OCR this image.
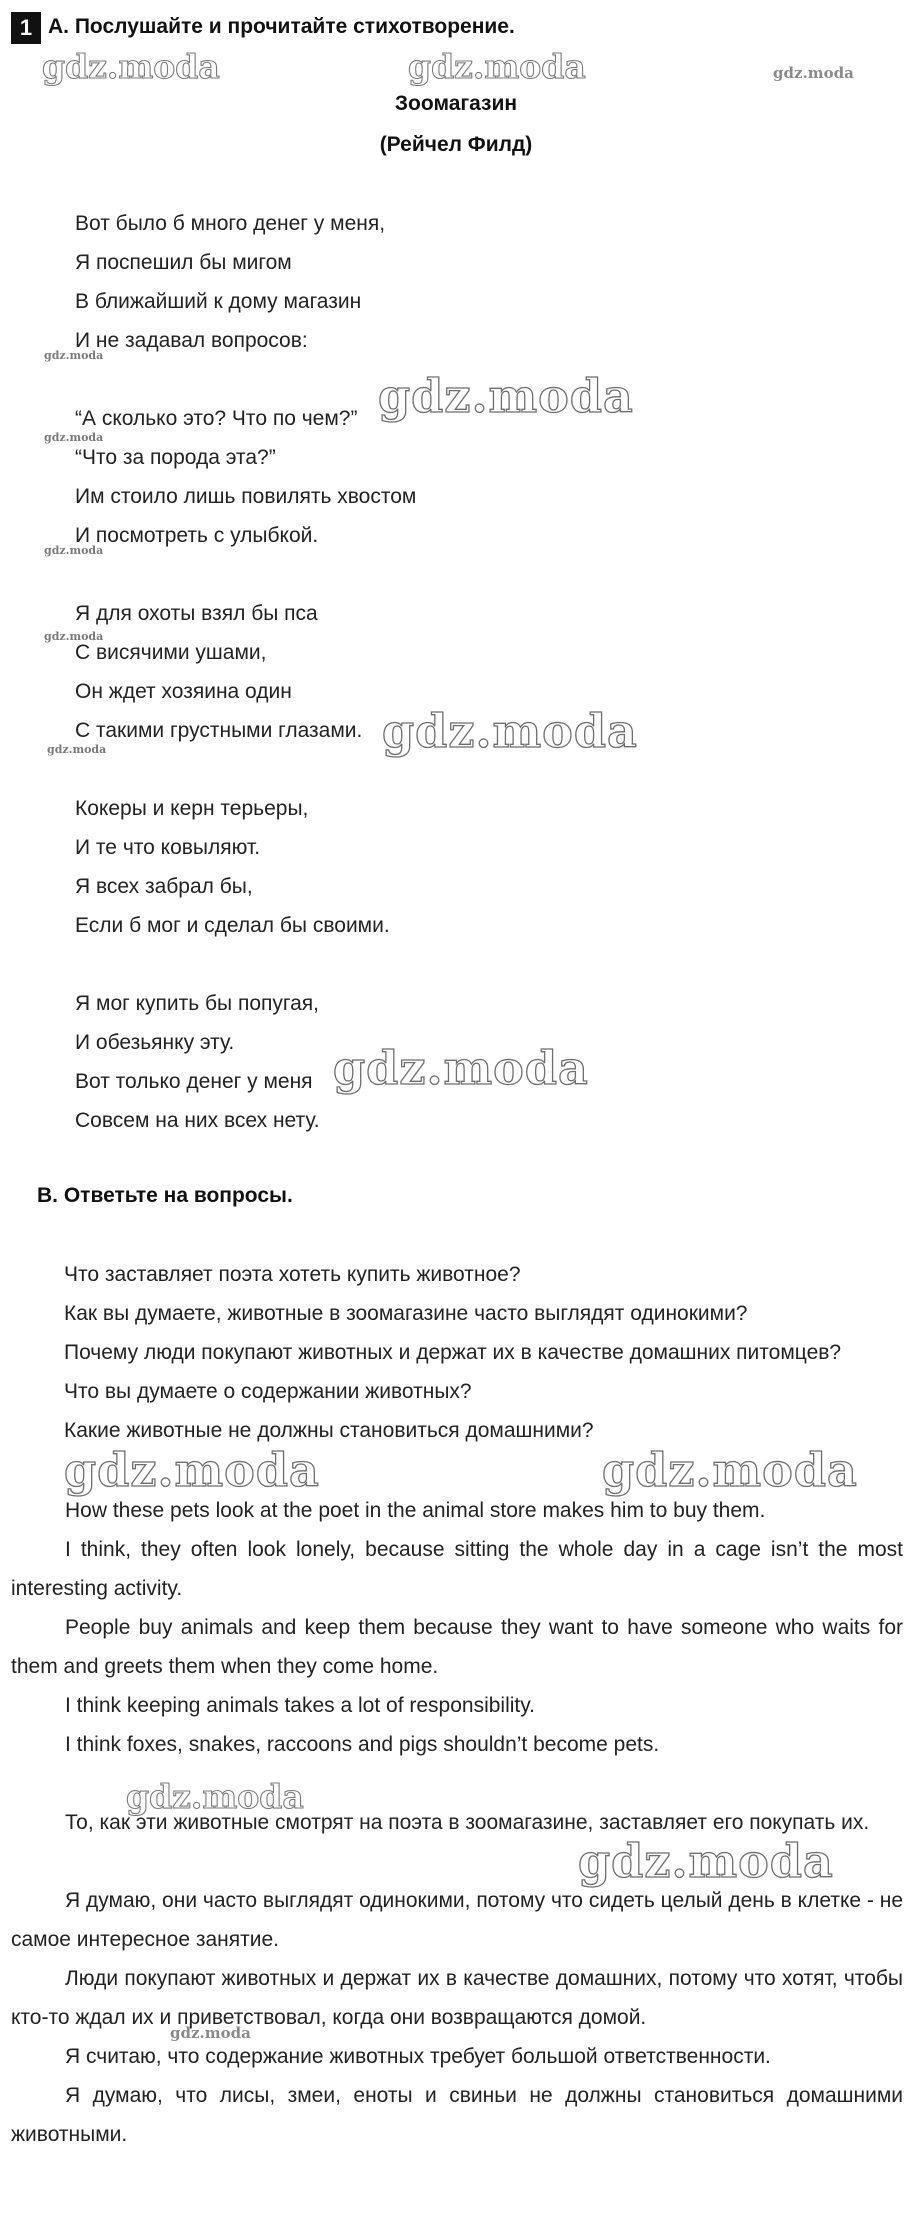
1 A. Послушайте и прочитайте стихотворение.
Зоомагазин
(Рейчел Филд)
Вот было б много денег у меня,
Я поспешил бы мигом
В ближайший к дому магазин
И не задавал вопросов:
“А сколько это? Что по чем?”
“Что за порода эта?”
Им стоило лишь повилять хвостом
И посмотреть с улыбкой.
Я для охоты взял бы пса
С висячими ушами,
Он ждет хозяина один
С такими грустными глазами.
Кокеры и керн терьеры,
И те что ковыляют.
Я всех забрал бы,
Если б мог и сделал бы своими.
Я мог купить бы попугая,
И обезьянку эту.
Вот только денег у меня
Совсем на них всех нету.
B. Ответьте на вопросы.
Что заставляет поэта хотеть купить животное?
Как вы думаете, животные в зоомагазине часто выглядят одинокими?
Почему люди покупают животных и держат их в качестве домашних питомцев?
Что вы думаете о содержании животных?
Какие животные не должны становиться домашними?
How these pets look at the poet in the animal store makes him to buy them.
I think, they often look lonely, because sitting the whole day in a cage isn’t the most interesting activity.
People buy animals and keep them because they want to have someone who waits for them and greets them when they come home.
I think keeping animals takes a lot of responsibility.
I think foxes, snakes, raccoons and pigs shouldn’t become pets.
То, как эти животные смотрят на поэта в зоомагазине, заставляет его покупать их.
Я думаю, они часто выглядят одинокими, потому что сидеть целый день в клетке - не самое интересное занятие.
Люди покупают животных и держат их в качестве домашних, потому что хотят, чтобы кто-то ждал их и приветствовал, когда они возвращаются домой.
Я считаю, что содержание животных требует большой ответственности.
Я думаю, что лисы, змеи, еноты и свиньи не должны становиться домашними животными.
gdz.moda	gdz.moda	gdz.moda
gdz.moda
gdz.moda
gdz.moda
gdz.moda
gdz.moda
gdz.moda
gdz.moda
gdz.moda
gdz.moda	gdz.moda
gdz.moda
gdz.moda
gdz.moda
